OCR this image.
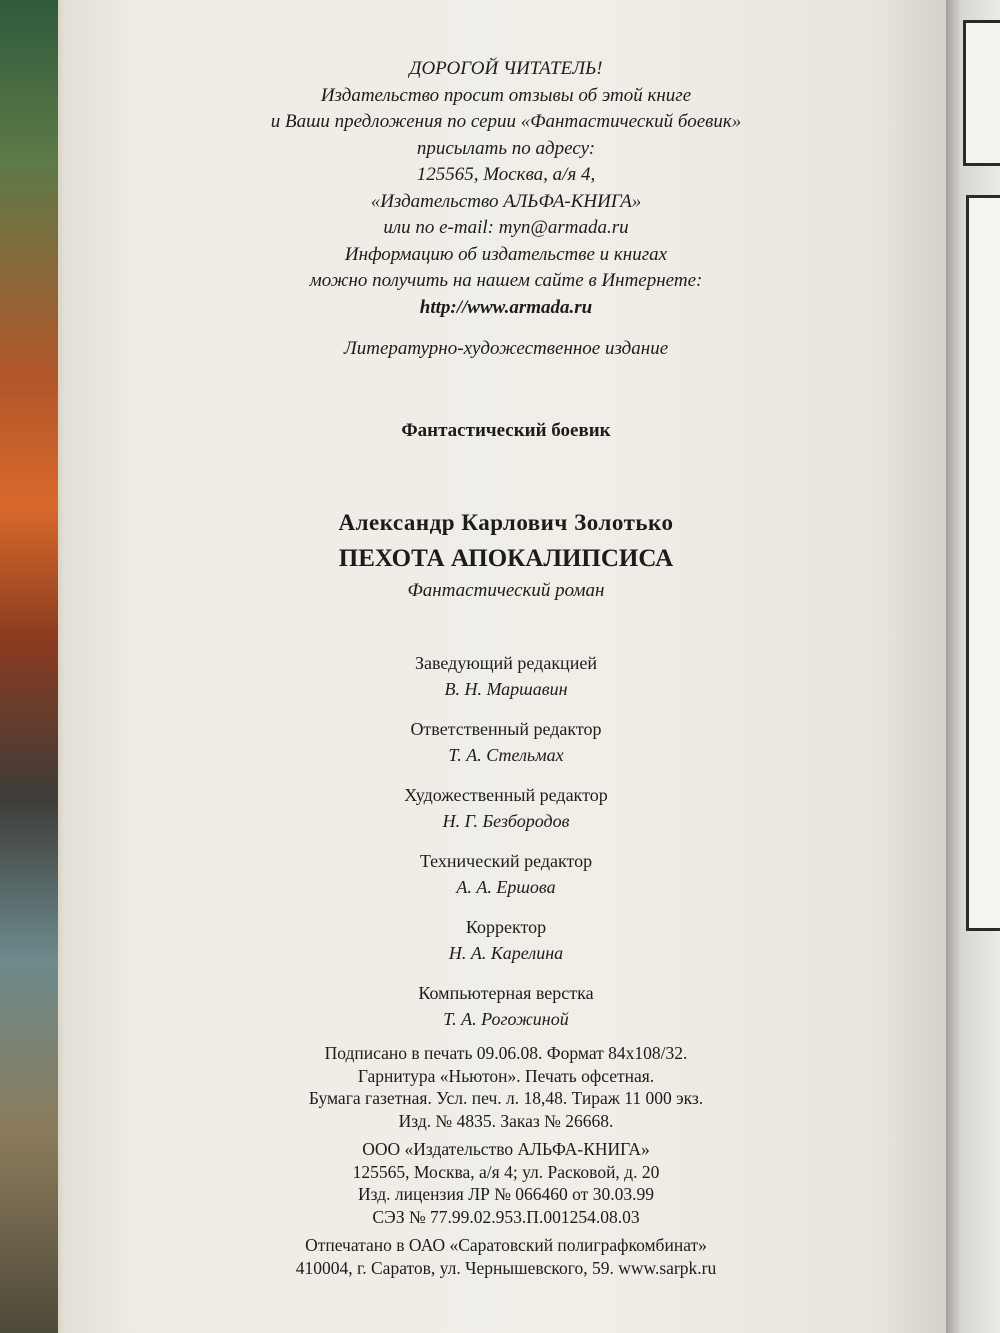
ДОРОГОЙ ЧИТАТЕЛЬ!
Издательство просит отзывы об этой книге
и Ваши предложения по серии «Фантастический боевик»
присылать по адресу:
125565, Москва, а/я 4,
«Издательство АЛЬФА-КНИГА»
или по e-mail: myn@armada.ru
Информацию об издательстве и книгах
можно получить на нашем сайте в Интернете:
http://www.armada.ru
Литературно-художественное издание
Фантастический боевик
Александр Карлович Золотько
ПЕХОТА АПОКАЛИПСИСА
Фантастический роман
Заведующий редакцией
В. Н. Маршавин
Ответственный редактор
Т. А. Стельмах
Художественный редактор
Н. Г. Безбородов
Технический редактор
А. А. Ершова
Корректор
Н. А. Карелина
Компьютерная верстка
Т. А. Рогожиной
Подписано в печать 09.06.08. Формат 84x108/32.
Гарнитура «Ньютон». Печать офсетная.
Бумага газетная. Усл. печ. л. 18,48. Тираж 11 000 экз.
Изд. № 4835. Заказ № 26668.
ООО «Издательство АЛЬФА-КНИГА»
125565, Москва, а/я 4; ул. Расковой, д. 20
Изд. лицензия ЛР № 066460 от 30.03.99
СЭЗ № 77.99.02.953.П.001254.08.03
Отпечатано в ОАО «Саратовский полиграфкомбинат»
410004, г. Саратов, ул. Чернышевского, 59. www.sarpk.ru
